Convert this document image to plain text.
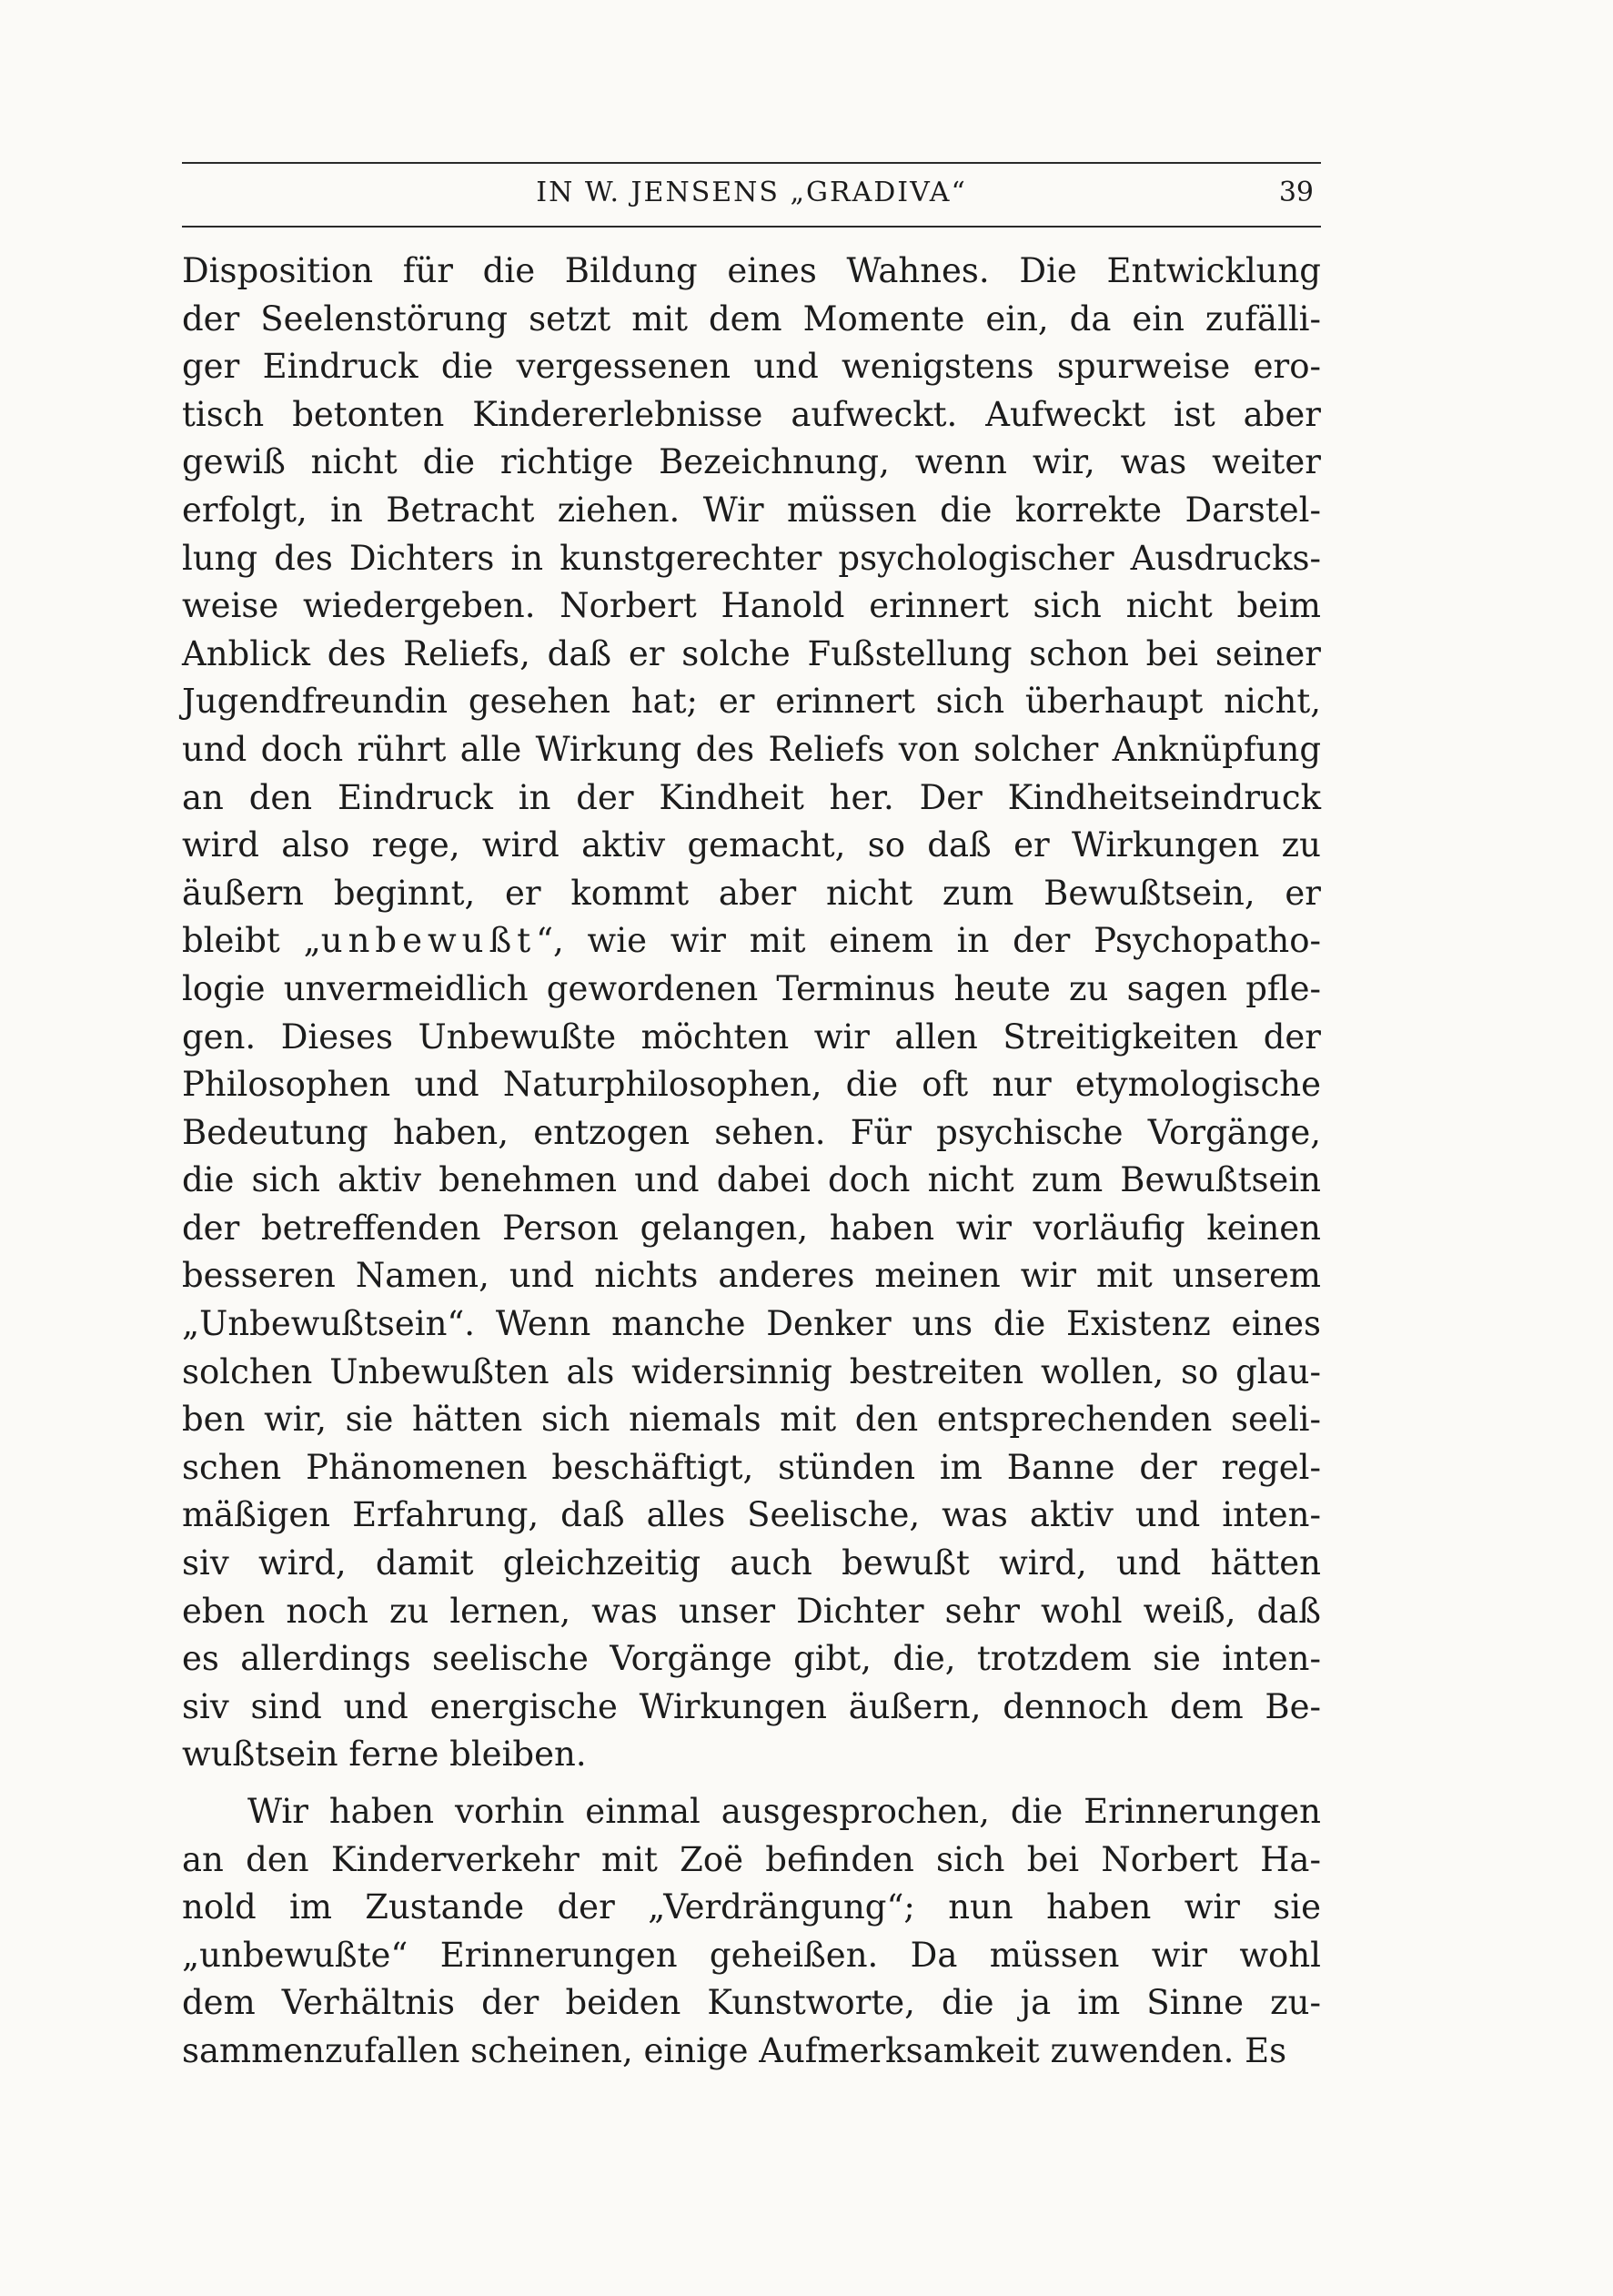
IN W. JENSENS „GRADIVA“	39

Disposition für die Bildung eines Wahnes. Die Entwicklung
der Seelenstörung setzt mit dem Momente ein, da ein zufälli-
ger Eindruck die vergessenen und wenigstens spurweise ero-
tisch betonten Kindererlebnisse aufweckt. Aufweckt ist aber
gewiß nicht die richtige Bezeichnung, wenn wir, was weiter
erfolgt, in Betracht ziehen. Wir müssen die korrekte Darstel-
lung des Dichters in kunstgerechter psychologischer Ausdrucks-
weise wiedergeben. Norbert Hanold erinnert sich nicht beim
Anblick des Reliefs, daß er solche Fußstellung schon bei seiner
Jugendfreundin gesehen hat; er erinnert sich überhaupt nicht,
und doch rührt alle Wirkung des Reliefs von solcher Anknüpfung
an den Eindruck in der Kindheit her. Der Kindheitseindruck
wird also rege, wird aktiv gemacht, so daß er Wirkungen zu
äußern beginnt, er kommt aber nicht zum Bewußtsein, er
bleibt „unbewußt“, wie wir mit einem in der Psychopatho-
logie unvermeidlich gewordenen Terminus heute zu sagen pfle-
gen. Dieses Unbewußte möchten wir allen Streitigkeiten der
Philosophen und Naturphilosophen, die oft nur etymologische
Bedeutung haben, entzogen sehen. Für psychische Vorgänge,
die sich aktiv benehmen und dabei doch nicht zum Bewußtsein
der betreffenden Person gelangen, haben wir vorläufig keinen
besseren Namen, und nichts anderes meinen wir mit unserem
„Unbewußtsein“. Wenn manche Denker uns die Existenz eines
solchen Unbewußten als widersinnig bestreiten wollen, so glau-
ben wir, sie hätten sich niemals mit den entsprechenden seeli-
schen Phänomenen beschäftigt, stünden im Banne der regel-
mäßigen Erfahrung, daß alles Seelische, was aktiv und inten-
siv wird, damit gleichzeitig auch bewußt wird, und hätten
eben noch zu lernen, was unser Dichter sehr wohl weiß, daß
es allerdings seelische Vorgänge gibt, die, trotzdem sie inten-
siv sind und energische Wirkungen äußern, dennoch dem Be-
wußtsein ferne bleiben.

Wir haben vorhin einmal ausgesprochen, die Erinnerungen
an den Kinderverkehr mit Zoë befinden sich bei Norbert Ha-
nold im Zustande der „Verdrängung“; nun haben wir sie
„unbewußte“ Erinnerungen geheißen. Da müssen wir wohl
dem Verhältnis der beiden Kunstworte, die ja im Sinne zu-
sammenzufallen scheinen, einige Aufmerksamkeit zuwenden. Es
